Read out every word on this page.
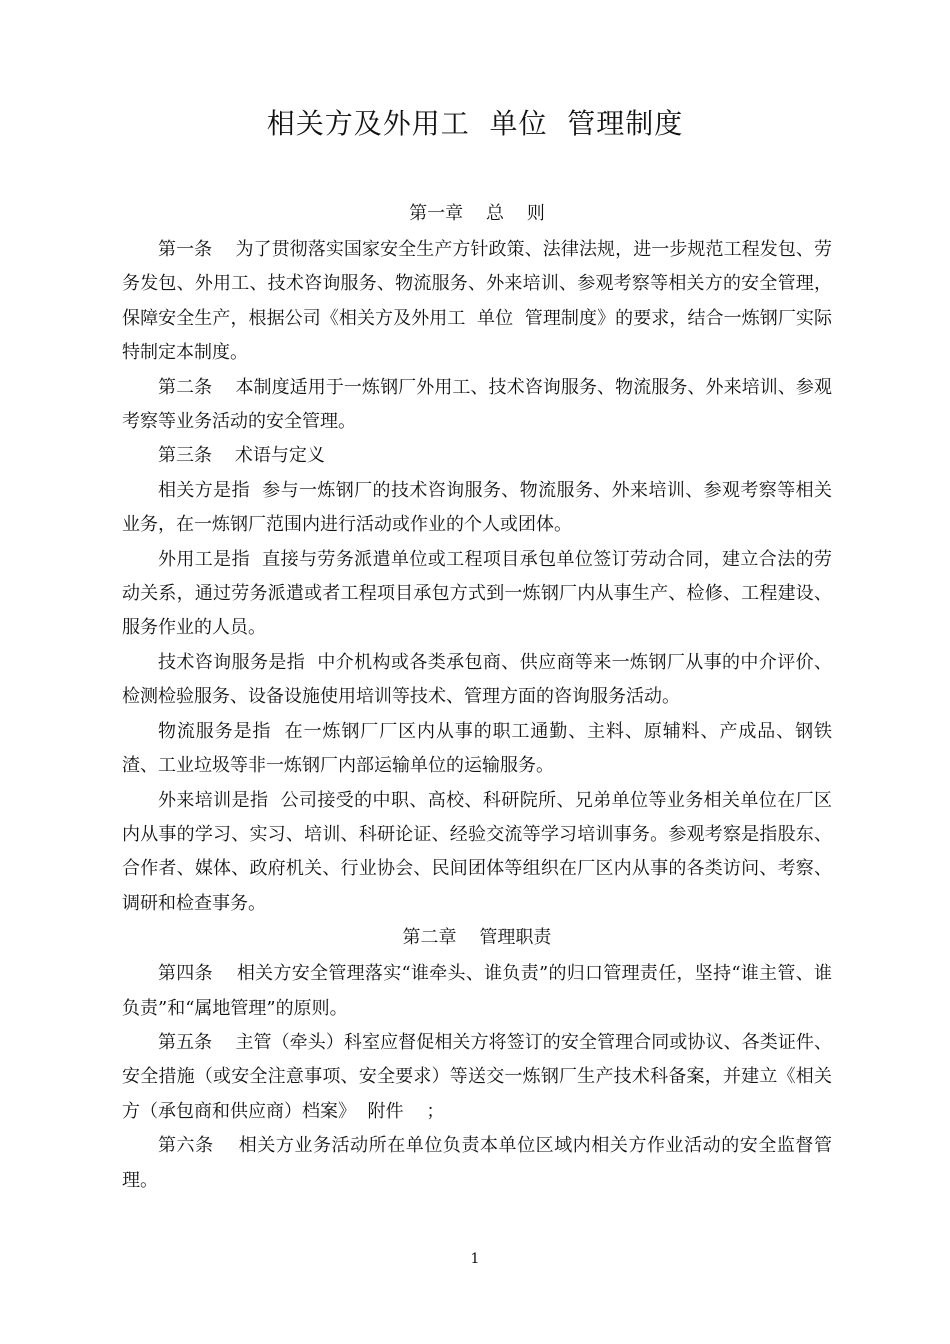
相关方及外用工  单位  管理制度
第一章    总    则

第一条    为了贯彻落实国家安全生产方针政策、法律法规，进一步规范工程发包、劳务发包、外用工、技术咨询服务、物流服务、外来培训、参观考察等相关方的安全管理，保障安全生产，根据公司《相关方及外用工  单位  管理制度》的要求，结合一炼钢厂实际  特制定本制度。

第二条    本制度适用于一炼钢厂外用工、技术咨询服务、物流服务、外来培训、参观考察等业务活动的安全管理。

第三条    术语与定义

相关方是指  参与一炼钢厂的技术咨询服务、物流服务、外来培训、参观考察等相关业务，在一炼钢厂范围内进行活动或作业的个人或团体。

外用工是指  直接与劳务派遣单位或工程项目承包单位签订劳动合同，建立合法的劳动关系，通过劳务派遣或者工程项目承包方式到一炼钢厂内从事生产、检修、工程建设、服务作业的人员。

技术咨询服务是指  中介机构或各类承包商、供应商等来一炼钢厂从事的中介评价、检测检验服务、设备设施使用培训等技术、管理方面的咨询服务活动。

物流服务是指  在一炼钢厂厂区内从事的职工通勤、主料、原辅料、产成品、钢铁渣、工业垃圾等非一炼钢厂内部运输单位的运输服务。

外来培训是指  公司接受的中职、高校、科研院所、兄弟单位等业务相关单位在厂区内从事的学习、实习、培训、科研论证、经验交流等学习培训事务。参观考察是指股东、合作者、媒体、政府机关、行业协会、民间团体等组织在厂区内从事的各类访问、考察、调研和检查事务。

第二章    管理职责

第四条    相关方安全管理落实“谁牵头、谁负责”的归口管理责任，坚持“谁主管、谁负责”和“属地管理”的原则。

第五条    主管（牵头）科室应督促相关方将签订的安全管理合同或协议、各类证件、安全措施（或安全注意事项、安全要求）等送交一炼钢厂生产技术科备案，并建立《相关方（承包商和供应商）档案》  附件    ；

第六条    相关方业务活动所在单位负责本单位区域内相关方作业活动的安全监督管理。

1
